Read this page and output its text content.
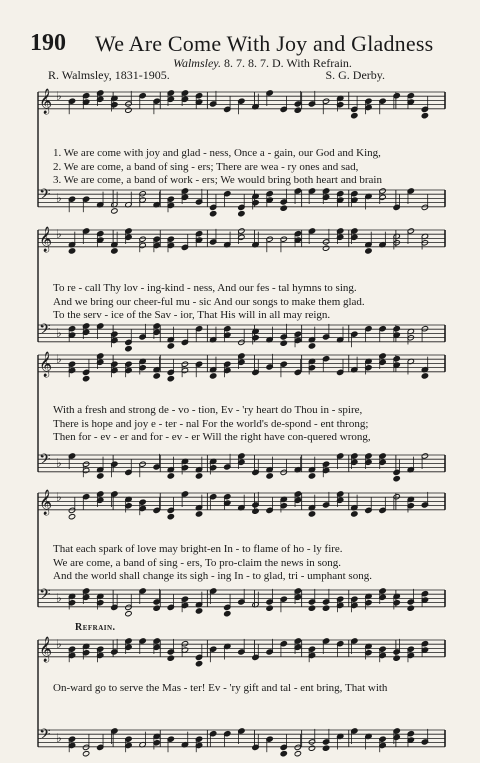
190 We Are Come With Joy and Gladness
Walmsley. 8. 7. 8. 7. D. With Refrain.
R. Walmsley, 1831-1905.	S. G. Derby.
𝄞 ♭
𝄞 ♭
𝄞 ♭
𝄞 ♭
𝄞 ♭
𝄢 ♭
𝄢 ♭
𝄢 ♭
𝄢 ♭
𝄢 ♭
1. We are come with joy and glad - ness, Once a - gain, our God and King,
2. We are come, a band of sing - ers; There are wea - ry ones and sad,
3. We are come, a band of work - ers; We would bring both heart and brain
To re - call Thy lov - ing-kind - ness, And our fes - tal hymns to sing.
And we bring our cheer-ful mu - sic And our songs to make them glad.
To the serv - ice of the Sav - ior, That His will in all may reign.
With a fresh and strong de - vo - tion, Ev - 'ry heart do Thou in - spire,
There is hope and joy e - ter - nal For the world's de-spond - ent throng;
Then for - ev - er and for - ev - er Will the right have con-quered wrong,
That each spark of love may bright-en In - to flame of ho - ly fire.
We are come, a band of sing - ers, To pro-claim the news in song.
And the world shall change its sigh - ing In - to glad, tri - umphant song.
Refrain.
On-ward go to serve the Mas - ter! Ev - 'ry gift and tal - ent bring, That with
